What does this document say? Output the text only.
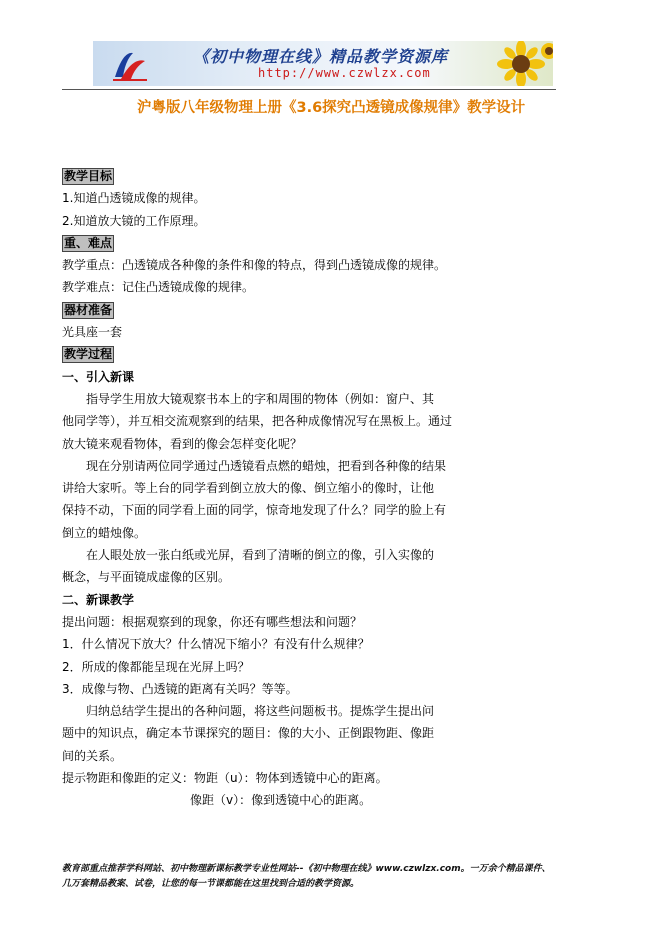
《初中物理在线》精品教学资源库
http://www.czwlzx.com
沪粤版八年级物理上册《3.6探究凸透镜成像规律》教学设计
教学目标
1.知道凸透镜成像的规律。
2.知道放大镜的工作原理。
重、难点
教学重点：凸透镜成各种像的条件和像的特点，得到凸透镜成像的规律。
教学难点：记住凸透镜成像的规律。
器材准备
光具座一套
教学过程
一、引入新课
指导学生用放大镜观察书本上的字和周围的物体（例如：窗户、其
他同学等），并互相交流观察到的结果，把各种成像情况写在黑板上。通过
放大镜来观看物体，看到的像会怎样变化呢？
现在分别请两位同学通过凸透镜看点燃的蜡烛，把看到各种像的结果
讲给大家听。等上台的同学看到倒立放大的像、倒立缩小的像时，让他
保持不动，下面的同学看上面的同学，惊奇地发现了什么？同学的脸上有
倒立的蜡烛像。
在人眼处放一张白纸或光屏，看到了清晰的倒立的像，引入实像的
概念，与平面镜成虚像的区别。
二、新课教学
提出问题：根据观察到的现象，你还有哪些想法和问题？
1．什么情况下放大？什么情况下缩小？有没有什么规律？
2．所成的像都能呈现在光屏上吗？
3．成像与物、凸透镜的距离有关吗？等等。
归纳总结学生提出的各种问题，将这些问题板书。提炼学生提出问
题中的知识点，确定本节课探究的题目：像的大小、正倒跟物距、像距
间的关系。
提示物距和像距的定义：物距（u）：物体到透镜中心的距离。
像距（v）：像到透镜中心的距离。
教育部重点推荐学科网站、初中物理新课标教学专业性网站--《初中物理在线》www.czwlzx.com。一万余个精品课件、
几万套精品教案、试卷，让您的每一节课都能在这里找到合适的教学资源。
